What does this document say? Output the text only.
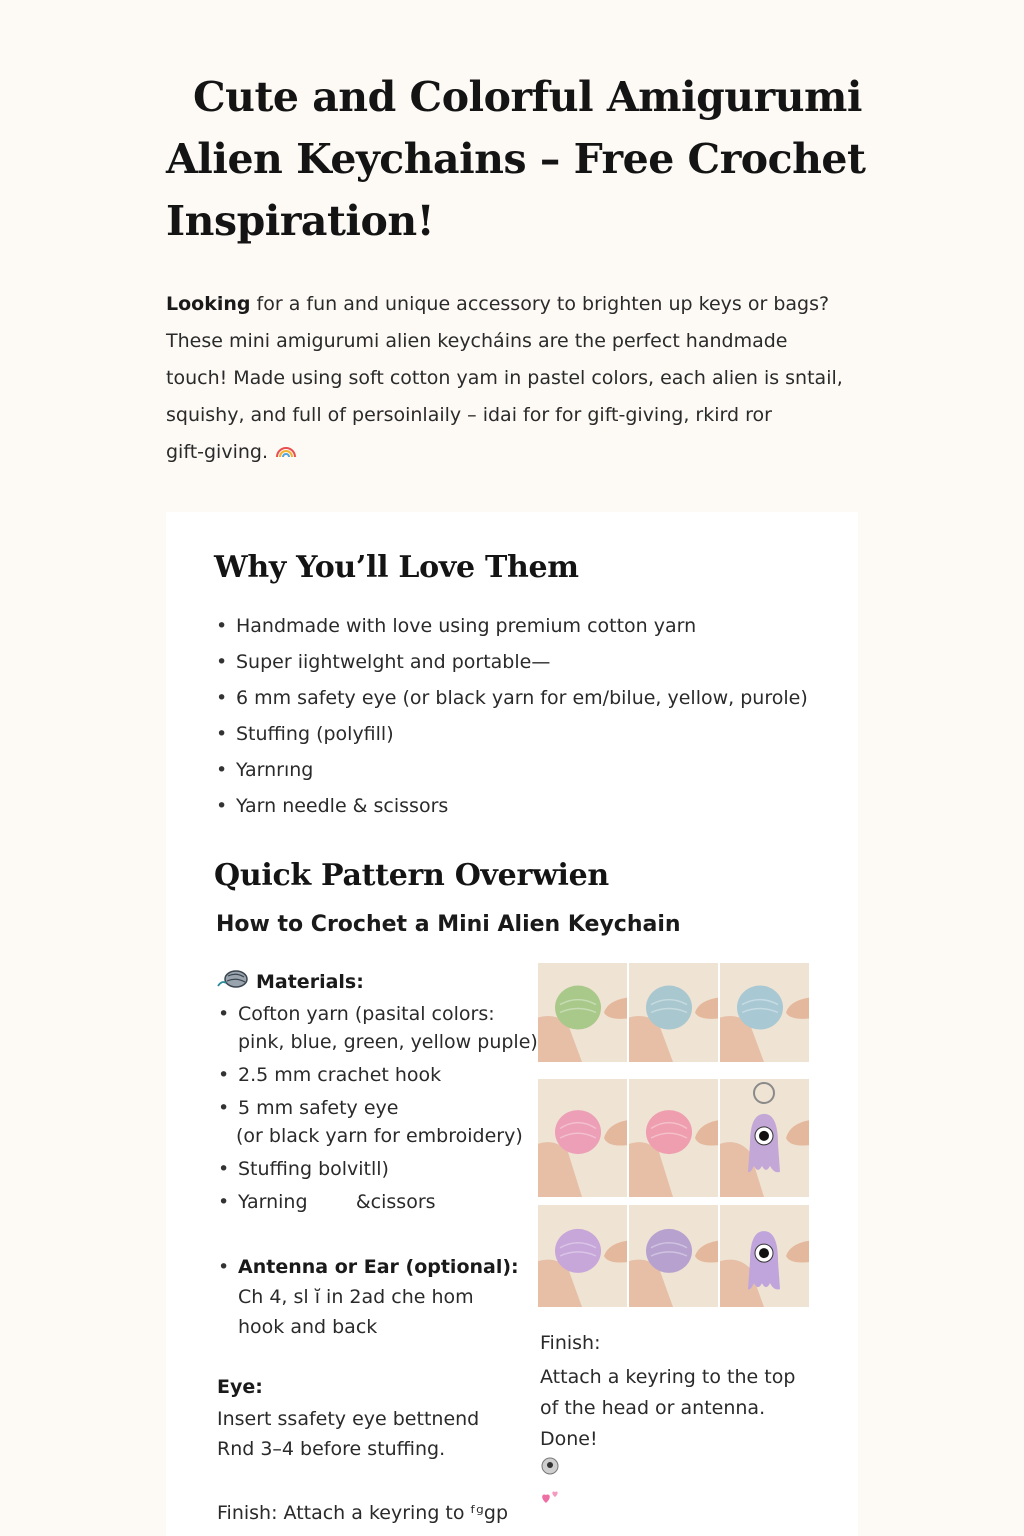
Cute and Colorful Amigurumi
Alien Keychains – Free Crochet
Inspiration!

Looking for a fun and unique accessory to brighten up keys or bags?
These mini amigurumi alien keycháins are the perfect handmade
touch! Made using soft cotton yam in pastel colors, each alien is sntail,
squishy, and full of persoinlaily – idai for for gift-giving, rkird ror
gift-giving.

Why You’ll Love Them
• Handmade with love using premium cotton yarn
• Super iightwelght and portable—
• 6 mm safety eye (or black yarn for em/bilue, yellow, purole)
• Stuffing (polyfill)
• Yarnrıng
• Yarn needle & scissors
Quick Pattern Overwien
How to Crochet a Mini Alien Keychain
Materials:
• Cofton yarn (pasital colors:
pink, blue, green, yellow puple)
• 2.5 mm crachet hook
• 5 mm safety eye
(or black yarn for embroidery)
• Stuffing bolvitll)
• Yarning        &cissors
• Antenna or Ear (optional):
Ch 4, sl ĭ in 2ad che hom
hook and back
Eye:
Insert ssafety eye bettnend
Rnd 3–4 before stuffing.
Finish: Attach a keyring to ᶠᵍgp
Finish:
Attach a keyring to the top
of the head or antenna.
Done!
